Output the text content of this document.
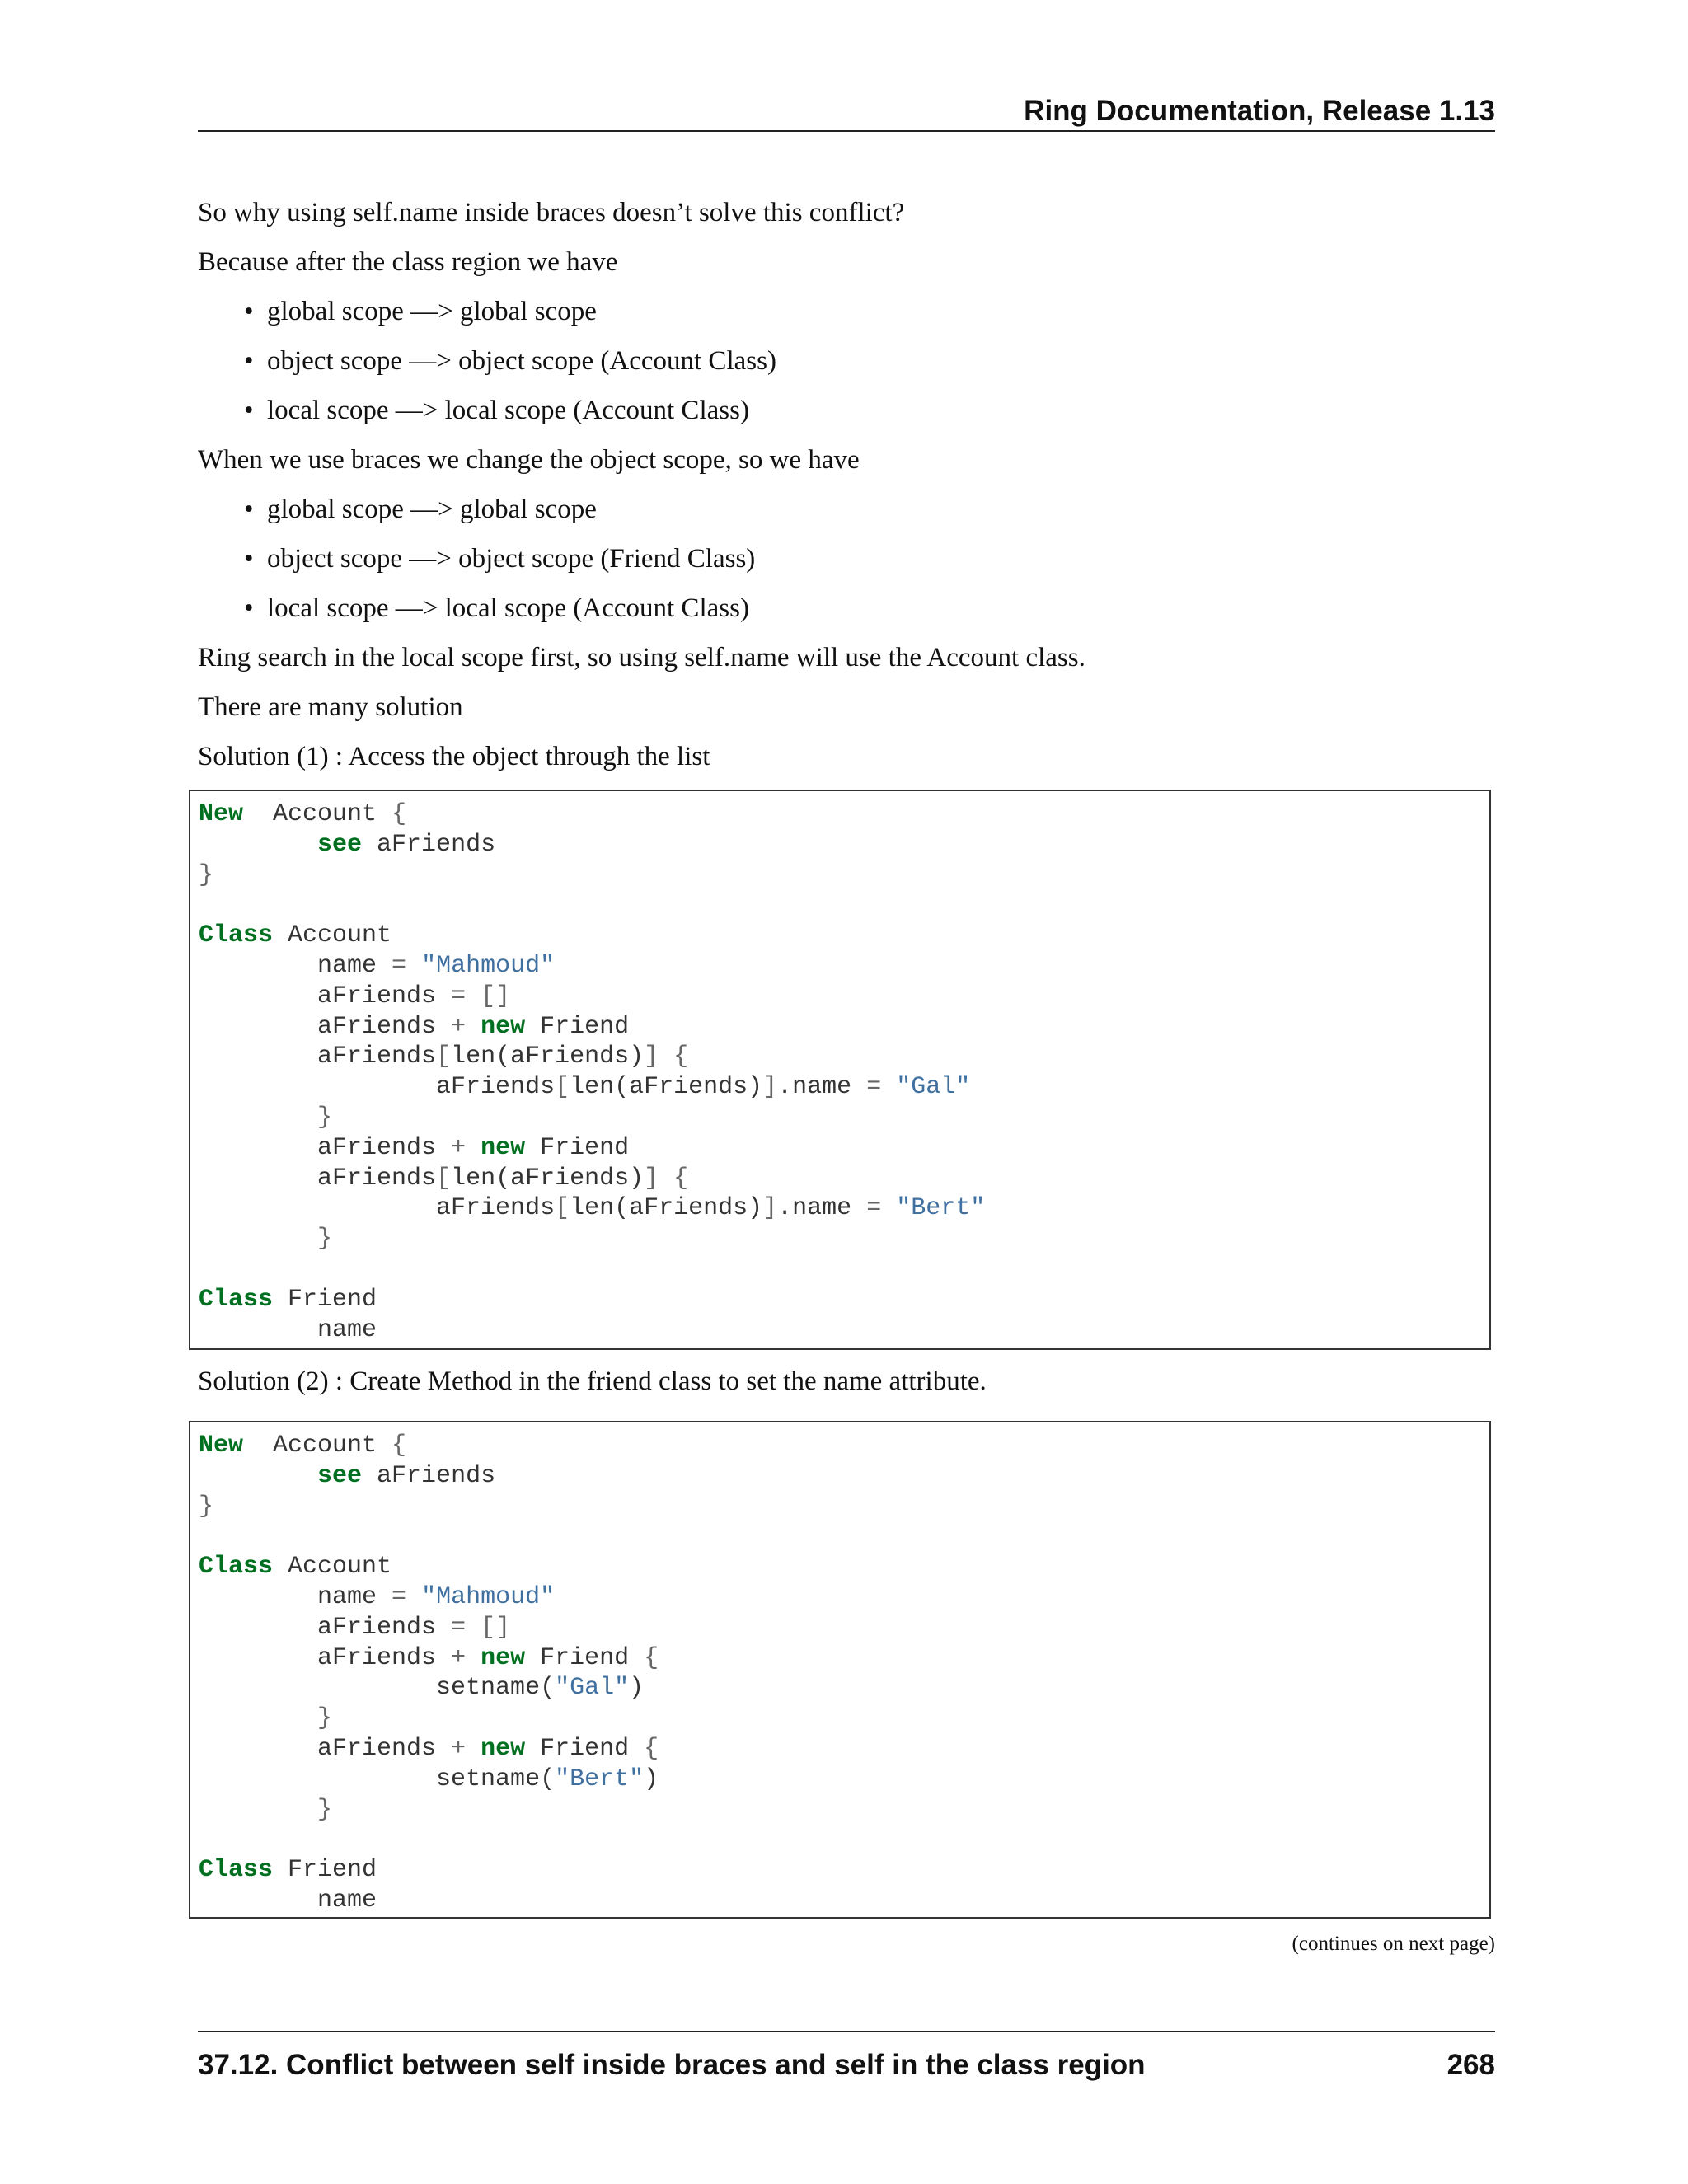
Ring Documentation, Release 1.13

So why using self.name inside braces doesn’t solve this conflict?

Because after the class region we have

• global scope —> global scope
• object scope —> object scope (Account Class)
• local scope —> local scope (Account Class)

When we use braces we change the object scope, so we have

• global scope —> global scope
• object scope —> object scope (Friend Class)
• local scope —> local scope (Account Class)

Ring search in the local scope first, so using self.name will use the Account class.

There are many solution

Solution (1) : Access the object through the list

New  Account {
see aFriends
}

Class Account
name = "Mahmoud"
aFriends = []
aFriends + new Friend
aFriends[len(aFriends)] {
aFriends[len(aFriends)].name = "Gal"
}
aFriends + new Friend
aFriends[len(aFriends)] {
aFriends[len(aFriends)].name = "Bert"
}

Class Friend
name

Solution (2) : Create Method in the friend class to set the name attribute.

New  Account {
see aFriends
}

Class Account
name = "Mahmoud"
aFriends = []
aFriends + new Friend {
setname("Gal")
}
aFriends + new Friend {
setname("Bert")
}

Class Friend
name
(continues on next page)
37.12. Conflict between self inside braces and self in the class region	268
